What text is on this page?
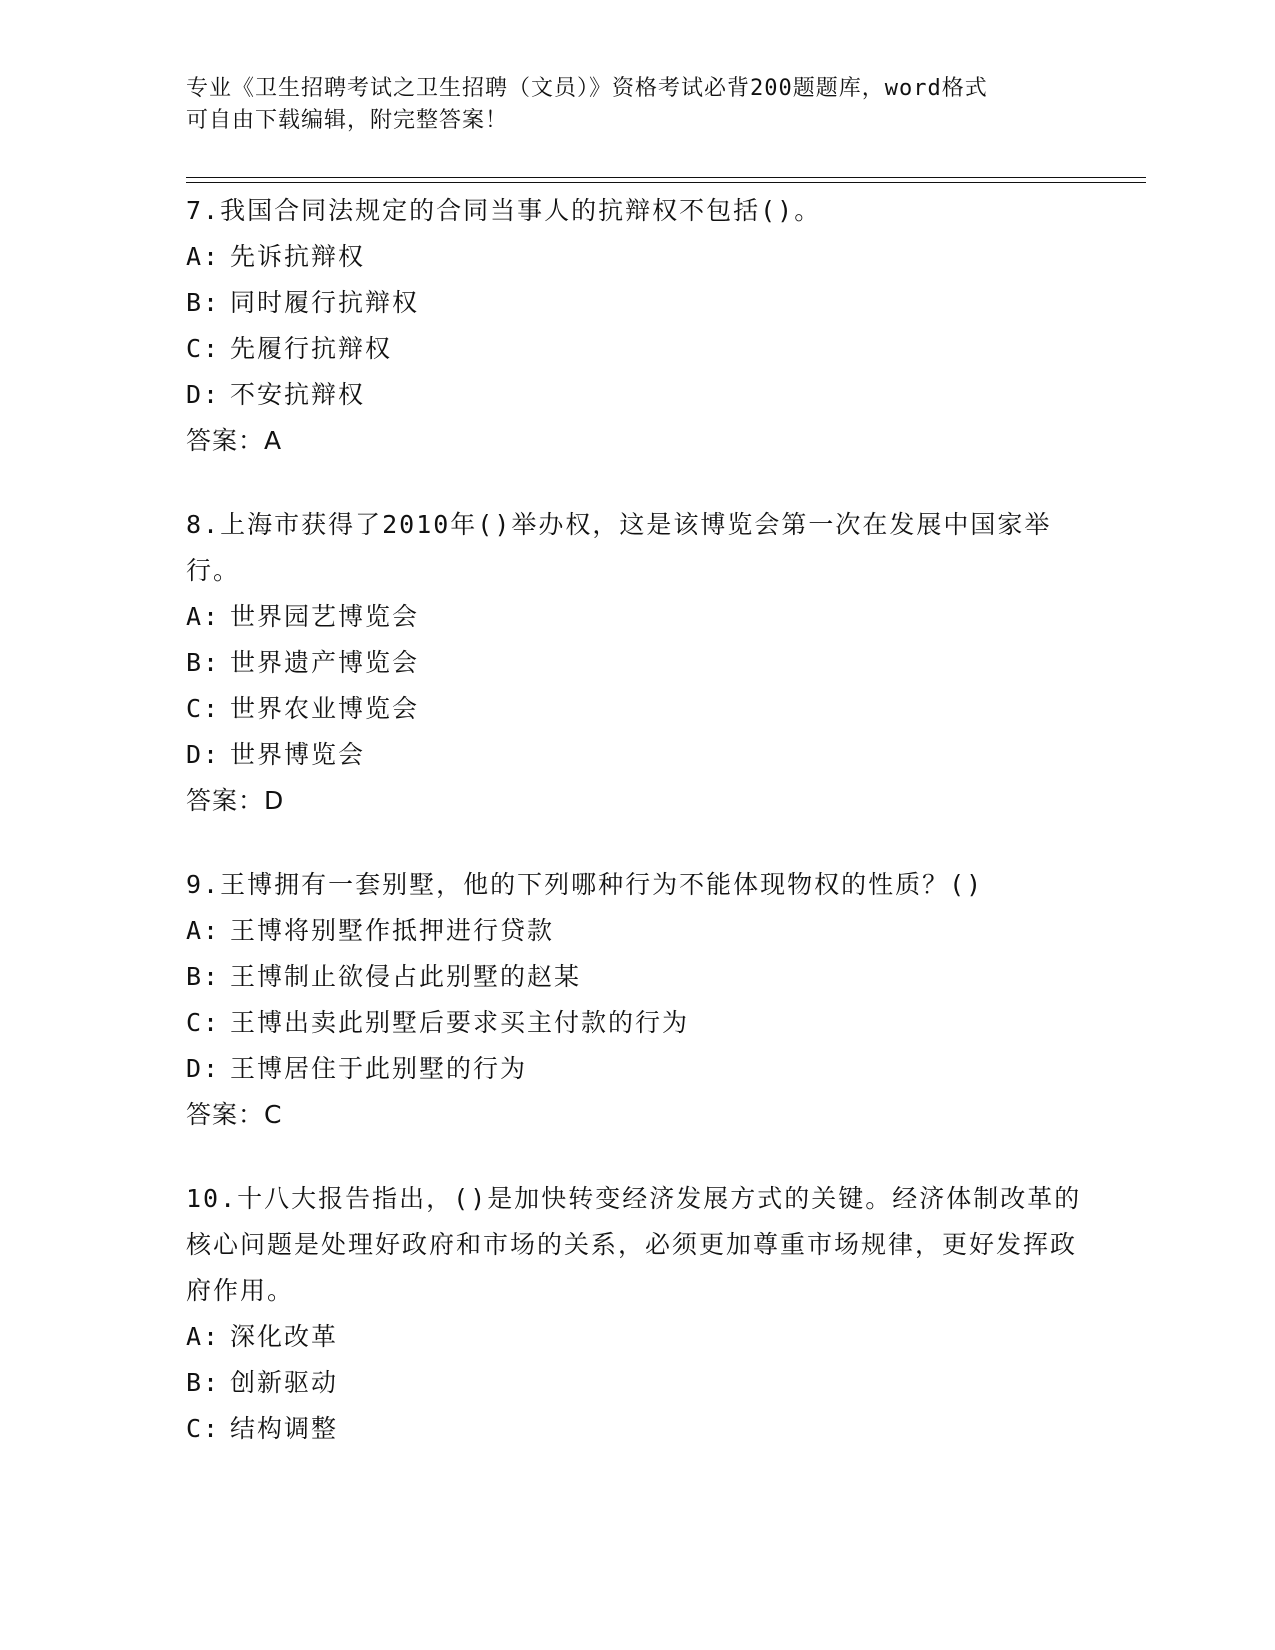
专业《卫生招聘考试之卫生招聘（文员）》资格考试必背200题题库，word格式
可自由下载编辑，附完整答案！
7.我国合同法规定的合同当事人的抗辩权不包括()。
A: 先诉抗辩权
B: 同时履行抗辩权
C: 先履行抗辩权
D: 不安抗辩权
答案：A
8.上海市获得了2010年()举办权，这是该博览会第一次在发展中国家举行。
A: 世界园艺博览会
B: 世界遗产博览会
C: 世界农业博览会
D: 世界博览会
答案：D
9.王博拥有一套别墅，他的下列哪种行为不能体现物权的性质？()
A: 王博将别墅作抵押进行贷款
B: 王博制止欲侵占此别墅的赵某
C: 王博出卖此别墅后要求买主付款的行为
D: 王博居住于此别墅的行为
答案：C
10.十八大报告指出，()是加快转变经济发展方式的关键。经济体制改革的核心问题是处理好政府和市场的关系，必须更加尊重市场规律，更好发挥政府作用。
A: 深化改革
B: 创新驱动
C: 结构调整
